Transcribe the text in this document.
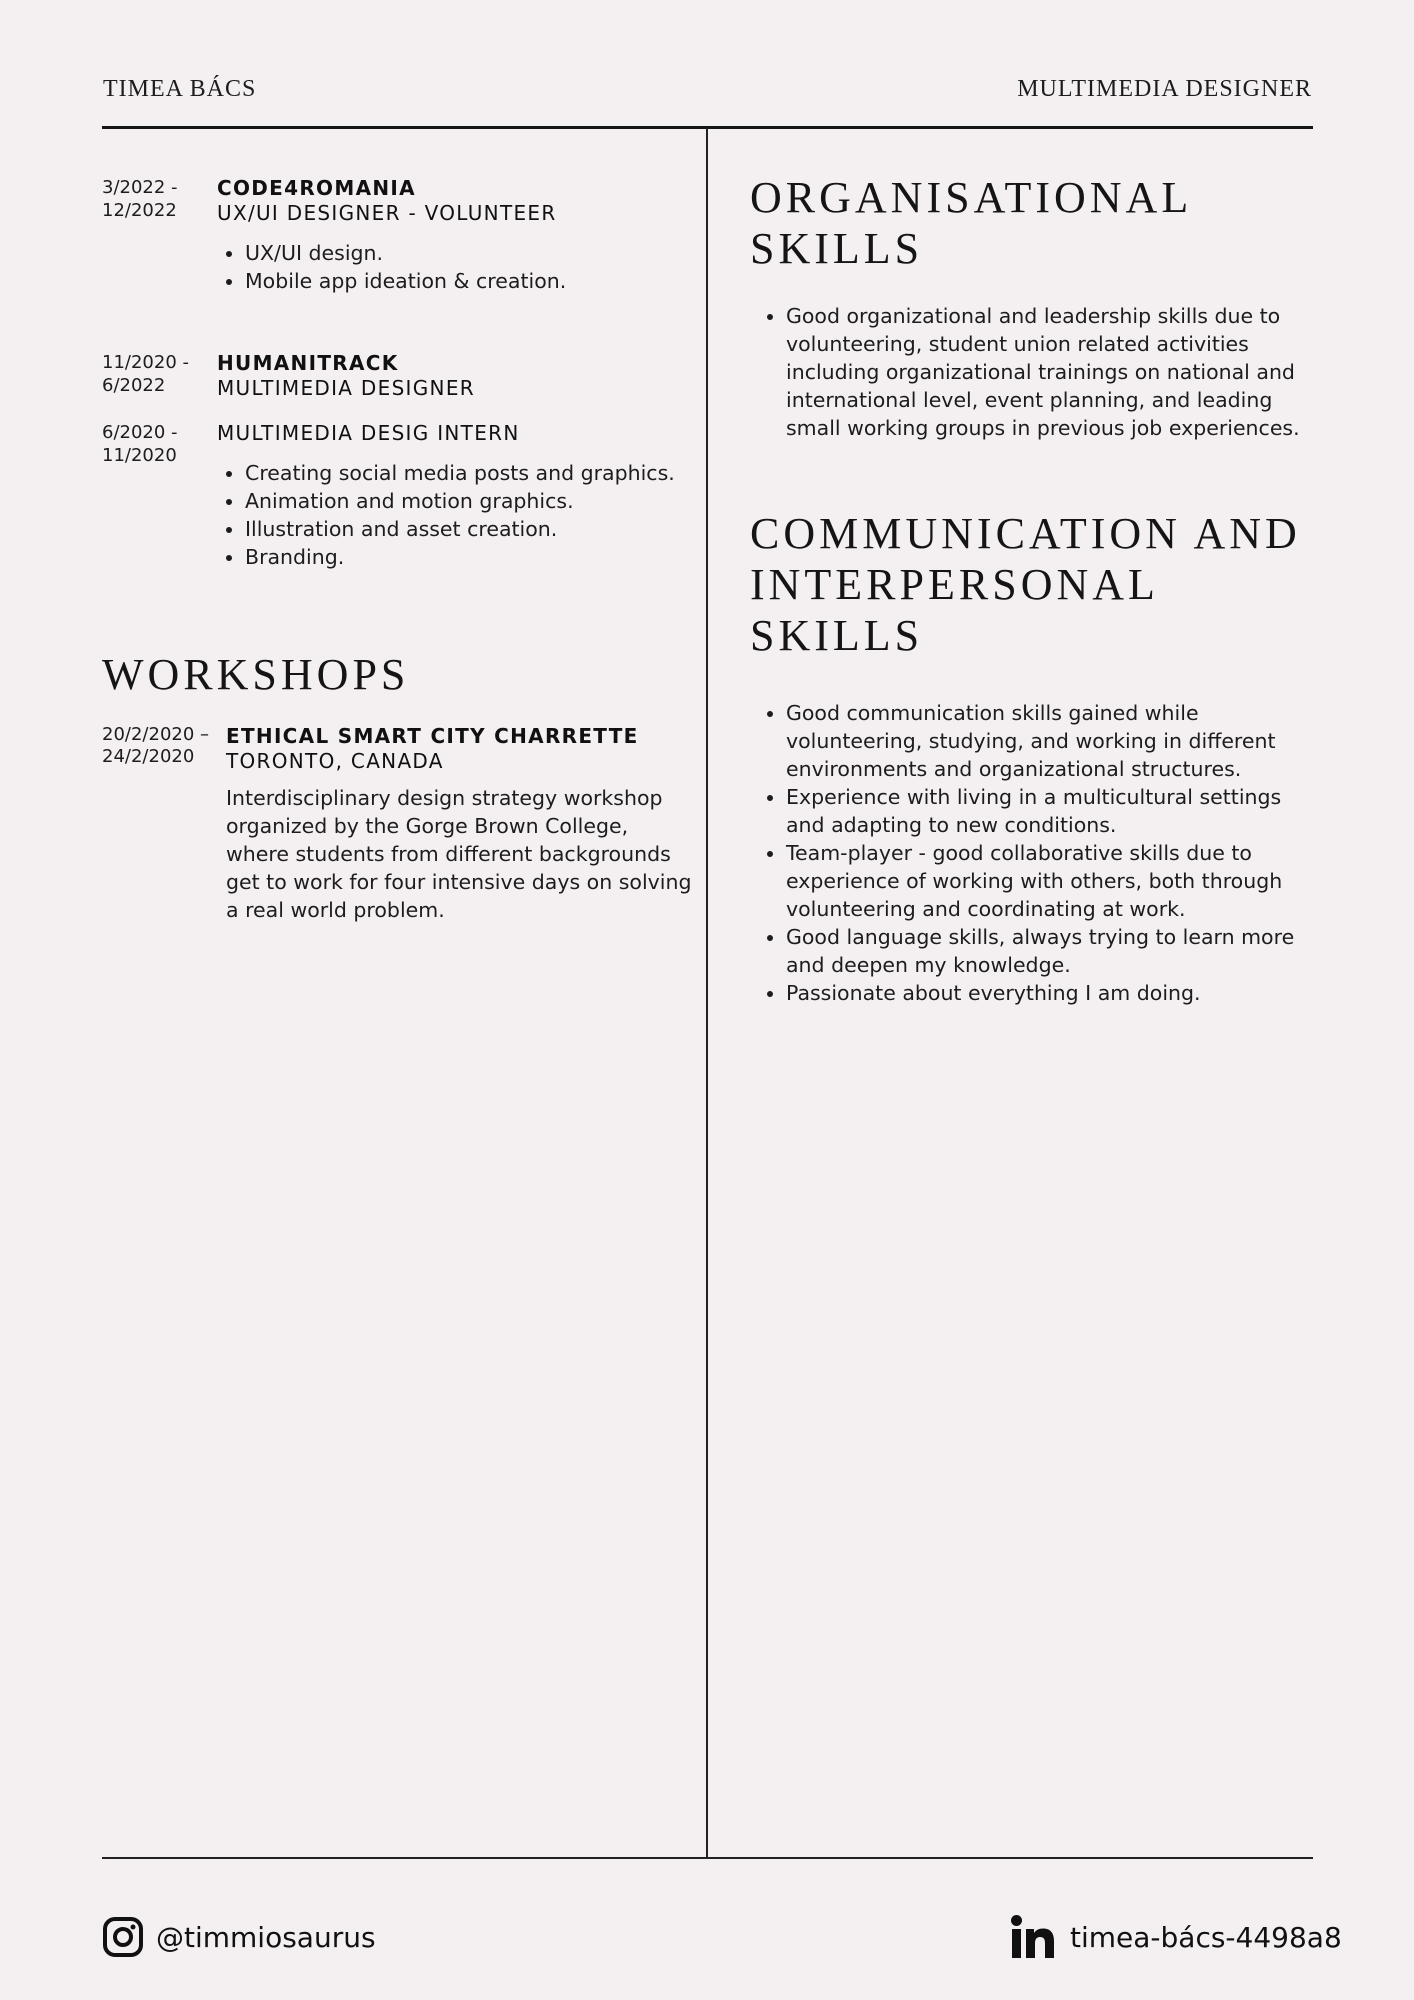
TIMEA BÁCS	MULTIMEDIA DESIGNER
3/2022 - 12/2022
CODE4ROMANIA
UX/UI DESIGNER - VOLUNTEER
• UX/UI design.
• Mobile app ideation & creation.
11/2020 - 6/2022
HUMANITRACK
MULTIMEDIA DESIGNER
6/2020 - 11/2020
MULTIMEDIA DESIG INTERN
• Creating social media posts and graphics.
• Animation and motion graphics.
• Illustration and asset creation.
• Branding.
WORKSHOPS
20/2/2020 – 24/2/2020
ETHICAL SMART CITY CHARRETTE
TORONTO, CANADA
Interdisciplinary design strategy workshop organized by the Gorge Brown College, where students from different backgrounds get to work for four intensive days on solving a real world problem.
ORGANISATIONAL SKILLS
• Good organizational and leadership skills due to volunteering, student union related activities including organizational trainings on national and international level, event planning, and leading small working groups in previous job experiences.
COMMUNICATION AND INTERPERSONAL SKILLS
• Good communication skills gained while volunteering, studying, and working in different environments and organizational structures.
• Experience with living in a multicultural settings and adapting to new conditions.
• Team-player - good collaborative skills due to experience of working with others, both through volunteering and coordinating at work.
• Good language skills, always trying to learn more and deepen my knowledge.
• Passionate about everything I am doing.
@timmiosaurus	timea-bács-4498a8
